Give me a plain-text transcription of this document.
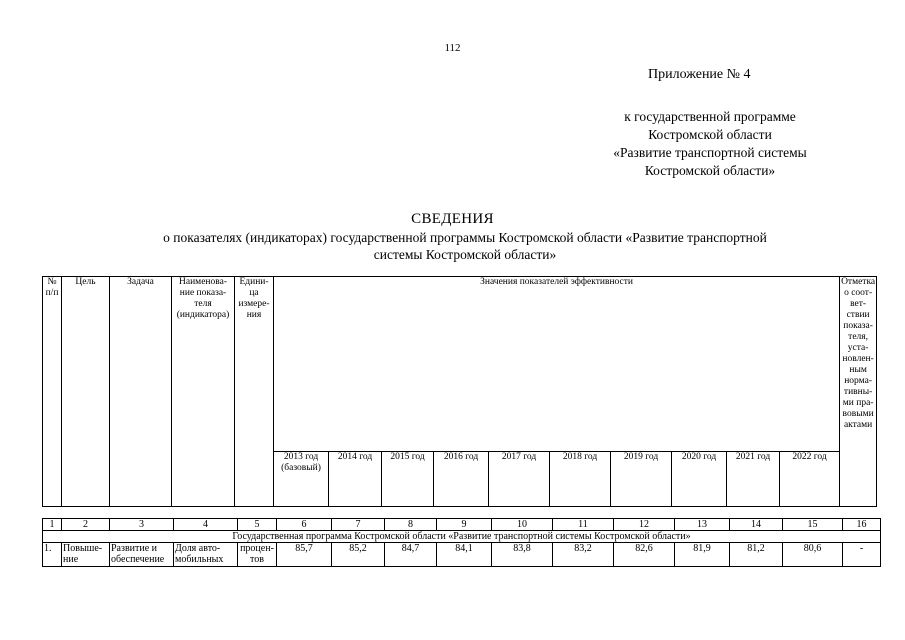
112
Приложение № 4
к государственной программе
Костромской области
«Развитие транспортной системы
Костромской области»
СВЕДЕНИЯ
о показателях (индикаторах) государственной программы Костромской области «Развитие транспортной
системы Костромской области»
№ п/п	Цель	Задача	Наименова- ние показа- теля (индикатора)	Едини- ца измере- ния	Значения показателей эффективности										Отметка о соот- вет- ствии показа- теля, уста- новлен- ным норма- тивны- ми пра- вовыми актами
					2013 год (базовый)	2014 год	2015 год	2016 год	2017 год	2018 год	2019 год	2020 год	2021 год	2022 год	
1	2	3	4	5	6	7	8	9	10	11	12	13	14	15	16
Государственная программа Костромской области «Развитие транспортной системы Костромской области»															
1.	Повыше- ние	Развитие и обеспечение	Доля авто- мобильных	процен- тов	85,7	85,2	84,7	84,1	83,8	83,2	82,6	81,9	81,2	80,6	-
